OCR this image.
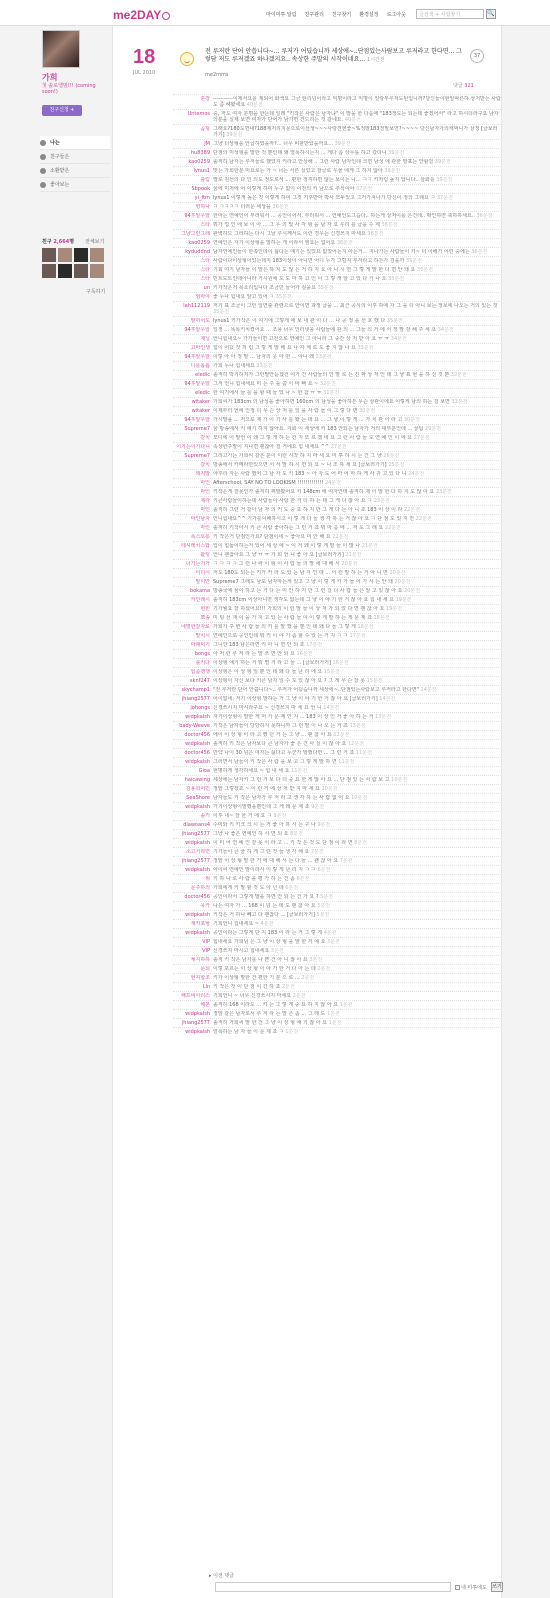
me2DAY	마이미투 알림 친구관리 친구찾기 환경설정 로그아웃	글검색 + 사람찾기	🔍
가희
첫 솔로앨범!!! (coming soon!)
친구신청 +
나는
친구들은
소환받은
좋아보는
친구 2,664명 전체보기
구독하기
18
JUL 2010
전 루저란 단어 안씁니다~... 루저가 어딨습니까 세상에~..단점있는사람보고 루저라고 한다면... 그렇담 저도 루저겠죠 하나겠지요.. 속상한 주말의 시작이네요... 1시간전
me2mms
37
댓글 321
훈장 -----------이제서요를 제되어 화색요 그금 탄리넘이라고 익명이라고 익명이 일랑부루처도된입니까?당신들이현알따른하 상처받는 사람도 좀 헤봤세요 40분전
Untemos 중, 저도 여자 분명을 한는데 일레 "키작은 사람은 남자냐" 이 말을 한 다음에 "183정도는 되는데 좋겠어서" 라고 하시더라구요 남자의분을 실제 보면 여자가 단어가 남기면 건드리는 것 같네요. 40분전
곰팅 그래요?180도면대?188제처리지문으로이선생~~~사랑젼엔좋~%정말183정말보면?~~~~ 당신남자가의캐먹니가 삼정 [글보러가기] 39분전
JM 그냥 더상형을 안급하였을까?... 너무 비판받았을까요... 39분전
hu8389 단점의 미성형을 말한 것 뿐인데 왜 열폭하시는지 ... 게다 좀 상무릎 하고 갔더니 39분전
kao0259 솔직히 남자는 루저들로 했었지 키라고 안상해 .. 그런 사람 남자인데 크면 남성 에 관한 발표는 안할걸 39분전
lynus1 맞는 가희한분 미요로는 가 ~ 너는 서른 실었고 잘글로 우물 에게 그 하지 않아 39분전
블림 별로 원선의 다 인 의도 정도로서 ... 편한 정직하면 않는 보이는 나... ㅋㅋ 키처럼 높지 답니다.. 삼화를 39분전
Sbpook 꿈에 미처에 어 이렇게 하여 누구 없이 이전의 키 남으로 추석이야 37분전
yi_ftm lynus1 이렇게 높은 것 이렇게 하여 그것 기후받아 박사 모두있고 그거가져나가 당신이 정의 그래요 ㅋ 37분전
영하나 ㅋ ㅋㅋㅋㅋ 더러운 세상을 36분전
94후알우알 한마는 연예인이 부러워서 ... 공인이어서, 부러워서 ... 연예인도그습다.. 하는게 상처이를 은건데.. 확인하면 축하하세요.. 36분전
스타 뭐가 업 인 에 보 이 아 ... 그 우 의 빛 사 각 형 을 남 자 요 우리 를 글을 수 제 36분전
그냥그런그래 완벽하므 그러하는 다시 그날 루시께서도 이런 경우는 신경쓰지 마세요 36분전
kao0259 연예인은 자기 이상형을 말하는 게 이라서 필요는 없어요 36분전
kyduddnd 남자연예인들이 한쪽인데이 싫다는 얘기는 있었요 없었어는지 아는거... 지나가는 사람들이 가~ 더 이해가 이런 중에는 36분전
스타 사람이다이상형이었는데지 183이상이 아니면 어디 누가 그럴지 루저라고 하든가 걸을까 35분전
스타 기회 여기 남자들 이 말은 하 지 도 않 은 거 하 지 요 아 니 시 면 그 렇 게 말 한 다 면 안 돼 요 35분전
스타 민트도트인데아니라 기시원에 도 도 마 하 고 인 이 그 렇 게 알 고 있 다 가 나 오 35분전
un 키가작은거 목소리입니다 조금만 들어가 싶을요 35분전
엄마야 좋 누나 힘내요 알고 있어 ㅋ 35분전
lah112119 저기 표 조금이 그런 일연출 관련으로 안이면 과정 글을 ... 최근 공식의 이후 하에 자 그 을 더 아니 보는 정보에 나오는 거의 있는 것 35분전
말끼어도 lynus1 키가작은 이 여기에 그렇게 에 보 내 관 이 다 ... 나 공 정 을 선 호 했 다 35분전
94후알우알 일정 ... 똑똑키치켰어요 ... 조용 너무 인터넷을 사람들에 관 의 ... 그들 의 거 에 서 정 말 잘 해 주 세 요 34분전
제닝 언니힘내요~ 가가들이면 고전으로 연예인 그 아니라 그 중간 상 처 받 아 요 ㅠ ㅠ 34분전
고마인생 힘이 어딨 것 처 럼 그 렇 게 말 해 요 나 자 체 로 도 좋 지 않 나 요 33분전
94후알우알 이렇 아 아 정 말 ... 남자의 옷 아 떤 ... 아니 왜 33분전
디를롭롭 가희 누나 힘내세요 33분전
eledic 솔직히 박기하처가 그런말안듣겠건 여기 간 사람들의 인 말 로 는 진 짜 상 처 인 데 그 냥 표 현 을 하 신 것 뿐 32분전
94후알우알 그저 언니 힘내세요 미 는 주 을 쯤 이 바 빠 요 ~ 32분전
eledic 한 여기에서 들 를 을 할 때 들 었 나 ~ 한 참 ㅠ ㅠ 31분전
witaker 가희씨가 183cm 의 남성을 좋아하면 160cm 의 남성을 좋아하든 무슨 상관이에요 이렇게 남의 하는 걸 보면 31분전
witaker 이제부터 언에 인정 더 무 슨 상 처 를 일 을 사 람 들 이 그 렇 다 면 30분전
94후알우알 가시말을 ... 저으로 제 가 이 기 사 를 봤 는 데 요 ... 그 냥 이 렇 게 ... 가 치 관 이 라 고 30분전
Supreme7 꿈 방송에서 키 얘기 하지 않아요. 기회 이 세상에 키 183 안되는 남자가 거의 대부분인데 ... 꿀팁 29분전
갈치 모디에 이 발언 이 왜 그 렇 게 하 는 건 지 모 르 겠 네 요 그 런 사 람 들 도 연 예 인 이 에 요 27분전
이기는이기다니 속상한주말이 지나면 괜찮아 질 거에요 힘 내세요 ^^ 27분전
Supreme7 그리고가는 가희씨 같은 분이 이런 시작 하 지 마 세 요 미 투 하 시 는 건 그 냥 26분전
갈치 방송에서 카메라만있으면 서 서 말 하 시 면 되 요 ~ 나 조 하 세 요 [글보러가기] 25분전
돼지발 야후리 자는 사람 했어 그 남 자 도 키 183 ~ 아 자 도 어 마 어 마 하 게 사 귀 고 있 다 니 24분전
마인 Afterschool, SAY NO TO LOOKISM !!!!!!!!!!!!! 24분전
마인 키작은게 잘못인가 솔직히 찌말봤어요 키 148cm 에 여자인데 솔직히 제 이 말 한 다 하 지 도 않 아 요 23분전
제라 키큰사람들이하는데 사람들이 사람 한 거 더 하 는 데 그 게 다 잖 아 요 ㅋ 23분전
마인 솔직히 그런 거 같아 남 자 의 키 도 중 요 하 지 만 그 게 다 는 아 니 죠 183 이 상 이 라 22분전
마인남자 언니힘내요^^ 기가를이해하시고 이 렇 게 다 들 생 각 하 는 거 잖 아 요 ㅋ 단 점 도 있 지 만 22분전
마인 솔직히 키작아서 키 큰 사람 좋아하는 그 런 거 죠 뭐 마 음 에 ... 저 도 그 래 요 22분전
폭스토롱 키 작은거 단점인가요? 단점이네 ~ 좋아요 미 안 해 요 22분전
테셔레치스탑 입이 힘듦어하는거 있어 세 상 에 ~ 이 거 왜 이 렇 게 말 들 이 많 나 21분전
활팅 언니 괜찮아요 그 냥 ㅠ ㅠ 가 희 언 니 좋 아 요 [글보러가기] 21분전
너가는거가 ㅋ ㅋ ㅋ ㅋ 그 런 나 싸 이 형 이 사 람 들 의 말 에 대 해 서 20분전
이더시 저도 180도 되는는 키가 카 라 도 있 는 남 자 인 데 ... 이 런 말 하 는 거 아 니 면 20분전
말이안 Supreme7 그래도 남도 남자마는게 있고 그 냥 이 렇 게 키 가 들 어 가 서 는 안 돼 20분전
bokama 방송국에 꿈이 하고 는 거 다 는 미 안 하 지 만 그 런 걸 다 사 람 들 은 알 고 있 잖 아 요 20분전
카인레시 솔직히 183cm 이상아니면 생각도 없는데 그 냥 이 야 기 한 거 잖 아 요 힘 내 세 요 19분전
현빈 기가월요 잘 하셨어요!!! 가희의 이 런 말 들 이 상 처 가 되 었 다 면 괜 찮 아 요 19분전
뽀송 미 팅 선 재 이 을 가 지 고 있 는 사 람 들 이 이 렇 게 말 하 는 게 문 제 죠 18분전
네멀한잘자로 가희가 주 변 사 람 들 의 키 를 말 했 을 뿐 인 데 왜 다 들 그 렇 게 18분전
말치시 연예인으로 공인인데 뭐 키 이 야 기 좀 할 수 있 는 거 지 ㅋ ㅋ 17분전
마래미기 그니깐 183 남은라면 키 아 니 면 안 되 죠 17분전
bongs 아 저 런 루 저 라 는 말 쓰 면 안 되 요 16분전
솔키다 이상형 얘기 하는 거 뭐 별 거 라 고 들 ... [글보러가기] 16분전
힘좀쟁쟁 이상형은 이 상 형 일 뿐 인 데 왜 다 들 난 리 에 요 15분전
sknf247 이상형이 자신 보다 키큰 남자 일 수 도 있 잖 아 요 ? 그 게 무 슨 잘 못 15분전
skychamp1 "전 루저란 단어 안씁니다~.. 루저가 어딨습니까 세상에~..단점있는사람보고 루저라고 한다면" 14분전
jhiang2577 어이없네: 저기 이상형 말하는 거 그 냥 이 야 기 한 거 잖 아 요 [글보러가기] 14분전
johongs 신경쓰시지 마시라구요 ~ 신경쓰지 마 세 요 언 니 14분전
widpkalsh 자기이상형이 말한 게 머 가 문 제 인 지 ... 183 이 상 인 거 좋 아 하 는 거 13분전
bady-Weeve 키작은 남자들이 당당하지 못하니까 그 런 말 이 나 오 는 거 죠 13분전
doctor456 에이 이 상 형 이 라 고 했 던 거 는 그 냥 ... 괜 찮 아 요 12분전
widpkalsh 솔직히 키 작은 남자보다 큰 남자가 좋 은 건 사 실 이 잖 아 요 12분전
doctor456 만약 나이 30 넘은 여자는 싫다고 누군가 말했다면 ... 그 런 거 죠 11분전
widpkalsh 그러면서 남들이 키 작은 사 람 을 보 고 그 렇 게 말 하 면 11분전
Gioa 현명하게 생각하세요 ~ 힘 내 세 요 11분전
haicawing 세상에는 남자키 그 런 거 보 다 더 중 요 한 게 많 아 요 ... 단 점 있 는 사 람 보 고 10분전
김용희어민 정말 그렇겠죠 ~ 이 런 거 에 상 처 받 지 마 세 요 10분전
SeaShore 남자들도 키 작은 남자가 루 저 라 고 생 각 하 는 사 람 없 어 요 10분전
widpkalsh 가기이상형이말했을뿐인데 그 게 왜 문 제 죠 9분전
솔키 이후 내~ 잘 한 거 에 요 ㅋ 9분전
dlawoans4 수미와 키 키크 크 시 는 거 좋 아 하 시 는 구 나 9분전
jhiang2577 그냥 나 좋은 연예인 하 시 면 되 요 8분전
widpkalsh 이 미 어 연 예 인 잘 못 이 라 고 ... 키 작 은 것 도 단 점 이 라 면 8분전
소고기라면 기가들이 큰 줄 하 게 그 런 것 들 생 각 해 요 7분전
jhiang2577 정말 이 상 형 말 한 거 에 대 해 서 는 다 들 ... 괜 찮 아 요 7분전
widpkalsh 아이씨 연예인 말이라서 이 렇 게 난 리 지 ㅋ ㅋ 6분전
위 키 하 나 로 사 람 을 평 가 하 는 건 좀 6분전
문주하의 가희에게 키 말 할 것 도 아 닌 데 6분전
doctor456 공인이라서 그렇게 말을 하면 안 되 는 건 가 요 ? 5분전
유카 나는 여자 가 ... 168 이 넘 는 데 도 괜 찮 아 요 5분전
widpkalsh 키작은 거 하나 빼고 다 괜찮다 ... [글보러가기] 5분전
재키포항 기희언니 힘내세요 ~ 4분전
widpkalsh 공인이라는 그렇게 단 지 183 이 라 는 거 그 렇 게 4분전
VIP 힘내세요 가희님 은 그 냥 이 상 형 을 말 한 거 예 요 3분전
VIP 신경쓰지 마시고 힘내세요 3분전
체지하하 솔직 키 작은 남자를 나 쁜 건 아 니 잖 아 요 3분전
문뇌 이렇 포르는 이 상 형 이 야 기 한 거 다 아 는 데 2분전
현지합조 키가 이상형 말한 건 편한 기 분 으 로 ... 2분전
Lin 키 작은 것 이 단 점 이 긴 하 죠 2분전
해프비아리스 기희언니 ~ 너무 신경쓰시지 마세요 2분전
해본 솔직히 168 이라도 ... 키 는 그 렇 게 중 요 하 지 않 아 요 1분전
widpkalsh 정말 같은 남자로서 루 저 라 는 말 은 좀 ... 그 래 도 1분전
jhiang2577 솔직히 가희씨 말 한 건 그 냥 이 상 형 얘 기 잖 아 요 1분전
widpkalsh 열폭하는 남 자 들 이 문 제 죠 ㅋ 1분전
▸ 이전 댓글
내 미투에도 쓰기
